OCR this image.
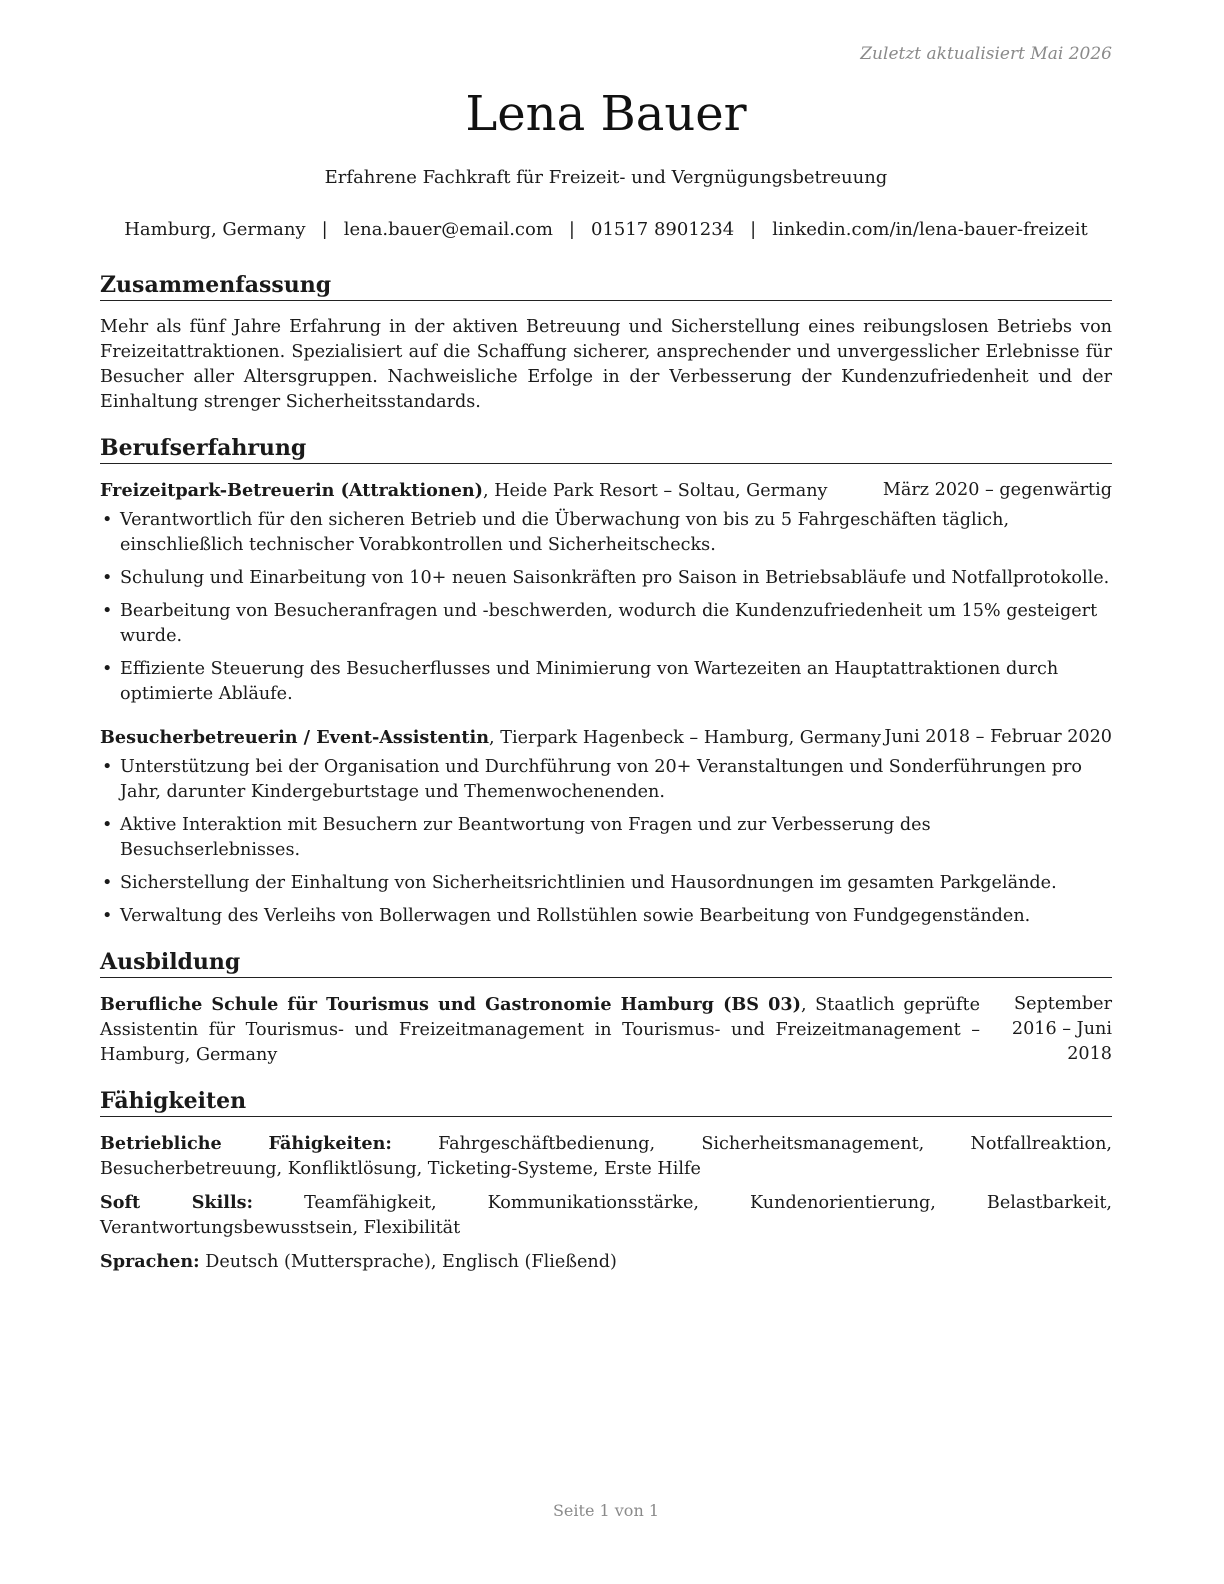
Zuletzt aktualisiert Mai 2026
Lena Bauer
Erfahrene Fachkraft für Freizeit- und Vergnügungsbetreuung
Hamburg, Germany | lena.bauer@email.com | 01517 8901234 | linkedin.com/in/lena-bauer-freizeit
Zusammenfassung

Mehr als fünf Jahre Erfahrung in der aktiven Betreuung und Sicherstellung eines reibungslosen Betriebs von Freizeitattraktionen. Spezialisiert auf die Schaffung sicherer, ansprechender und unvergesslicher Erlebnisse für Besucher aller Altersgruppen. Nachweisliche Erfolge in der Verbesserung der Kundenzufriedenheit und der Einhaltung strenger Sicherheitsstandards.

Berufserfahrung
Freizeitpark-Betreuerin (Attraktionen), Heide Park Resort – Soltau, Germany	März 2020 – gegenwärtig
• Verantwortlich für den sicheren Betrieb und die Überwachung von bis zu 5 Fahrgeschäften täglich, einschließlich technischer Vorabkontrollen und Sicherheitschecks.
• Schulung und Einarbeitung von 10+ neuen Saisonkräften pro Saison in Betriebsabläufe und Notfallprotokolle.
• Bearbeitung von Besucheranfragen und -beschwerden, wodurch die Kundenzufriedenheit um 15% gesteigert wurde.
• Effiziente Steuerung des Besucherflusses und Minimierung von Wartezeiten an Hauptattraktionen durch optimierte Abläufe.
Besucherbetreuerin / Event-Assistentin, Tierpark Hagenbeck – Hamburg, Germany Juni 2018 – Februar 2020
• Unterstützung bei der Organisation und Durchführung von 20+ Veranstaltungen und Sonderführungen pro Jahr, darunter Kindergeburtstage und Themenwochenenden.
• Aktive Interaktion mit Besuchern zur Beantwortung von Fragen und zur Verbesserung des Besuchserlebnisses.
• Sicherstellung der Einhaltung von Sicherheitsrichtlinien und Hausordnungen im gesamten Parkgelände.
• Verwaltung des Verleihs von Bollerwagen und Rollstühlen sowie Bearbeitung von Fundgegenständen.
Ausbildung
Berufliche Schule für Tourismus und Gastronomie Hamburg (BS 03), Staatlich geprüfte Assistentin für Tourismus- und Freizeitmanagement in Tourismus- und Freizeitmanagement – Hamburg, Germany
September 2016 – Juni 2018
Fähigkeiten
Betriebliche Fähigkeiten: Fahrgeschäftbedienung, Sicherheitsmanagement, Notfallreaktion, Besucherbetreuung, Konfliktlösung, Ticketing-Systeme, Erste Hilfe
Soft Skills: Teamfähigkeit, Kommunikationsstärke, Kundenorientierung, Belastbarkeit, Verantwortungsbewusstsein, Flexibilität
Sprachen: Deutsch (Muttersprache), Englisch (Fließend)
Seite 1 von 1
